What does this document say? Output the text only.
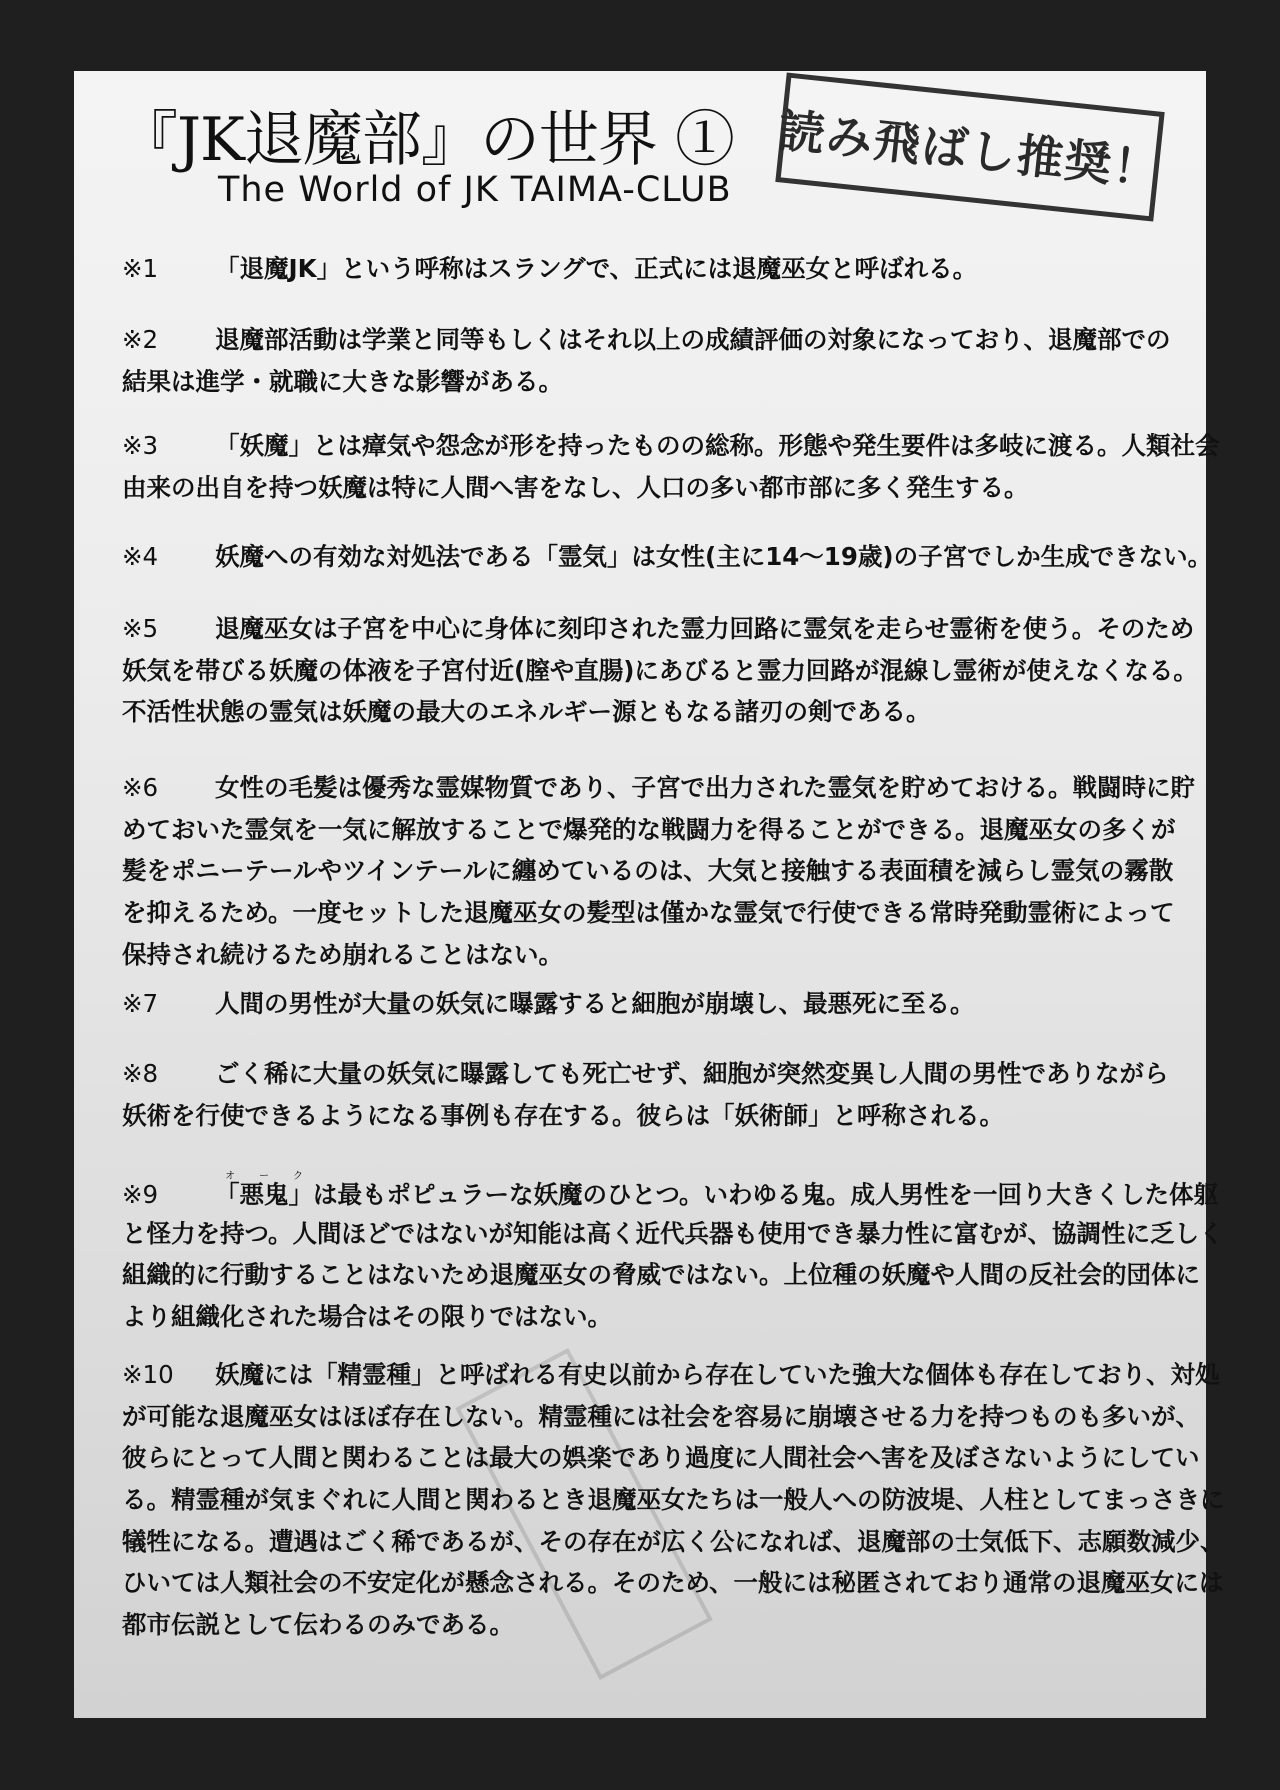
『JK退魔部』の世界 ①
The World of JK TAIMA-CLUB 読み飛ばし推奨！
※1 「退魔JK」という呼称はスラングで、正式には退魔巫女と呼ばれる。
※2 退魔部活動は学業と同等もしくはそれ以上の成績評価の対象になっており、退魔部での
結果は進学・就職に大きな影響がある。
※3 「妖魔」とは瘴気や怨念が形を持ったものの総称。形態や発生要件は多岐に渡る。人類社会
由来の出自を持つ妖魔は特に人間へ害をなし、人口の多い都市部に多く発生する。
※4 妖魔への有効な対処法である「霊気」は女性(主に14〜19歳)の子宮でしか生成できない。
※5 退魔巫女は子宮を中心に身体に刻印された霊力回路に霊気を走らせ霊術を使う。そのため
妖気を帯びる妖魔の体液を子宮付近(膣や直腸)にあびると霊力回路が混線し霊術が使えなくなる。
不活性状態の霊気は妖魔の最大のエネルギー源ともなる諸刃の剣である。
※6 女性の毛髪は優秀な霊媒物質であり、子宮で出力された霊気を貯めておける。戦闘時に貯
めておいた霊気を一気に解放することで爆発的な戦闘力を得ることができる。退魔巫女の多くが
髪をポニーテールやツインテールに纏めているのは、大気と接触する表面積を減らし霊気の霧散
を抑えるため。一度セットした退魔巫女の髪型は僅かな霊気で行使できる常時発動霊術によって
保持され続けるため崩れることはない。
※7 人間の男性が大量の妖気に曝露すると細胞が崩壊し、最悪死に至る。
※8 ごく稀に大量の妖気に曝露しても死亡せず、細胞が突然変異し人間の男性でありながら
妖術を行使できるようになる事例も存在する。彼らは「妖術師」と呼称される。
※9 「悪鬼」オークは最もポピュラーな妖魔のひとつ。いわゆる鬼。成人男性を一回り大きくした体躯
と怪力を持つ。人間ほどではないが知能は高く近代兵器も使用でき暴力性に富むが、協調性に乏しく
組織的に行動することはないため退魔巫女の脅威ではない。上位種の妖魔や人間の反社会的団体に
より組織化された場合はその限りではない。
※10 妖魔には「精霊種」と呼ばれる有史以前から存在していた強大な個体も存在しており、対処
が可能な退魔巫女はほぼ存在しない。精霊種には社会を容易に崩壊させる力を持つものも多いが、
彼らにとって人間と関わることは最大の娯楽であり過度に人間社会へ害を及ぼさないようにしてい
る。精霊種が気まぐれに人間と関わるとき退魔巫女たちは一般人への防波堤、人柱としてまっさきに
犠牲になる。遭遇はごく稀であるが、その存在が広く公になれば、退魔部の士気低下、志願数減少、
ひいては人類社会の不安定化が懸念される。そのため、一般には秘匿されており通常の退魔巫女には
都市伝説として伝わるのみである。
